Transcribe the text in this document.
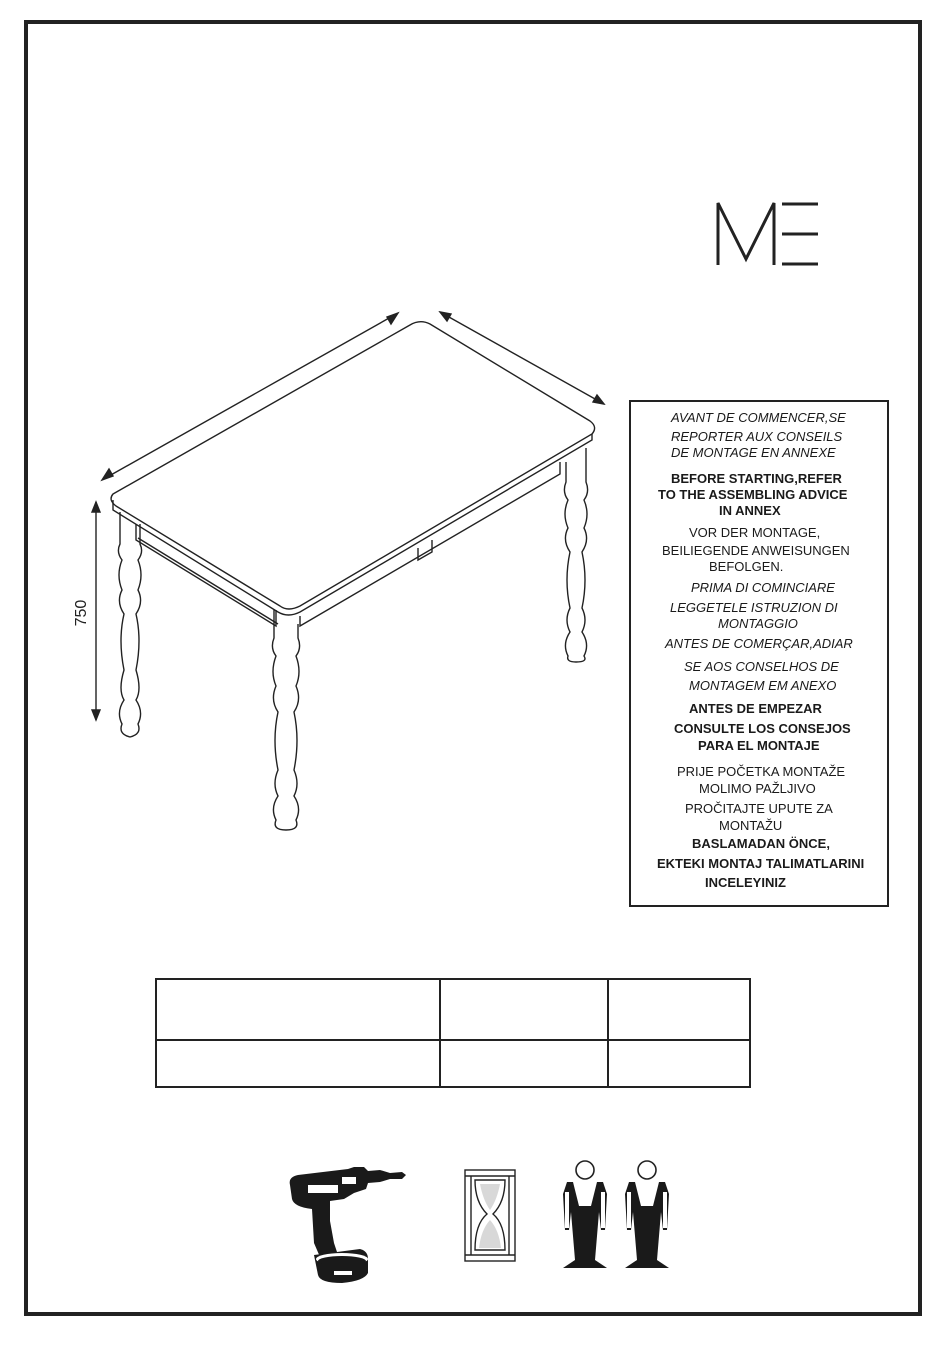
750
AVANT DE COMMENCER,SE
REPORTER AUX CONSEILS
DE MONTAGE EN ANNEXE
BEFORE STARTING,REFER
TO THE ASSEMBLING ADVICE
IN ANNEX
VOR DER MONTAGE,
BEILIEGENDE ANWEISUNGEN
BEFOLGEN.
PRIMA DI COMINCIARE
LEGGETELE ISTRUZION DI
MONTAGGIO
ANTES DE COMERÇAR,ADIAR
SE AOS CONSELHOS DE
MONTAGEM EM ANEXO
ANTES DE EMPEZAR
CONSULTE LOS CONSEJOS
PARA EL MONTAJE
PRIJE POČETKA MONTAŽE
MOLIMO PAŽLJIVO
PROČITAJTE UPUTE ZA
MONTAŽU
BASLAMADAN ÖNCE,
EKTEKI MONTAJ TALIMATLARINI
INCELEYINIZ
